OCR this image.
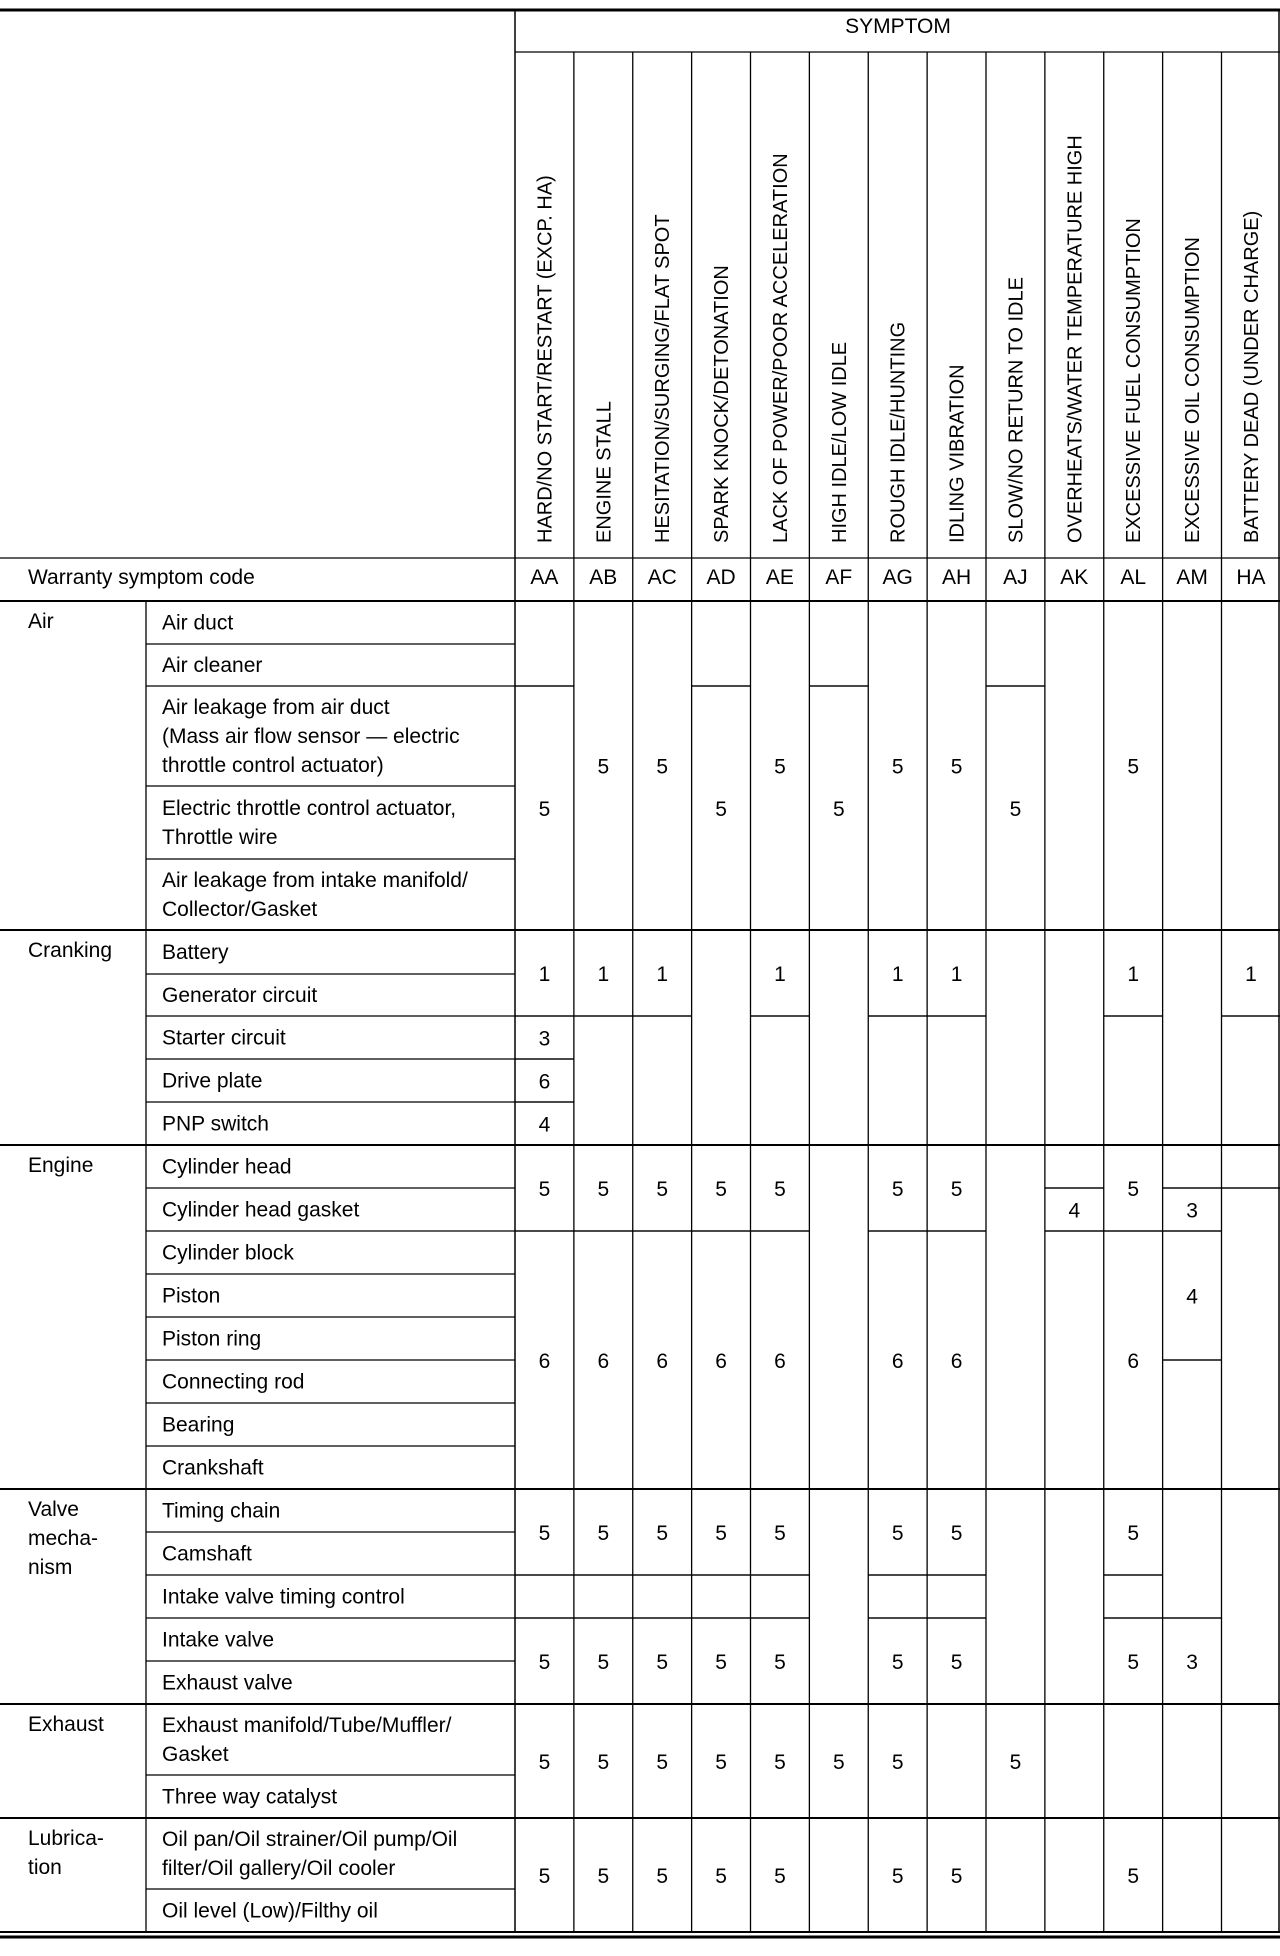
SYMPTOM
HARD/NO START/RESTART (EXCP. HA) ENGINE STALL HESITATION/SURGING/FLAT SPOT SPARK KNOCK/DETONATION LACK OF POWER/POOR ACCELERATION HIGH IDLE/LOW IDLE ROUGH IDLE/HUNTING IDLING VIBRATION SLOW/NO RETURN TO IDLE OVERHEATS/WATER TEMPERATURE HIGH EXCESSIVE FUEL CONSUMPTION EXCESSIVE OIL CONSUMPTION BATTERY DEAD (UNDER CHARGE)
Warranty symptom code	AA AB AC AD AE AF AG AH AJ AK AL AM HA
Air
Cranking
Engine
Valve
mecha-
nism
Exhaust
Lubrica-
tion
Air duct
Air cleaner
Air leakage from air duct
(Mass air flow sensor — electric
throttle control actuator)
Electric throttle control actuator,
Throttle wire
Air leakage from intake manifold/
Collector/Gasket
Battery
Generator circuit
Starter circuit
Drive plate
PNP switch
Cylinder head
Cylinder head gasket
Cylinder block
Piston
Piston ring
Connecting rod
Bearing
Crankshaft
Timing chain
Camshaft
Intake valve timing control
Intake valve
Exhaust valve
Exhaust manifold/Tube/Muffler/
Gasket
Three way catalyst
Oil pan/Oil strainer/Oil pump/Oil
filter/Oil gallery/Oil cooler
Oil level (Low)/Filthy oil
5
1
3
6
4
5
6
5
5
5
5
5
1
5
6
5
5
5
5
5
1
5
6
5
5
5
5
5
5
6
5
5
5
5
5
1
5
6
5
5
5
5
5
5
5
1
5
6
5
5
5
5
5
1
5
6
5
5
5
5
5
4
5
1
5
6
5
5
5
3
4
3
1
